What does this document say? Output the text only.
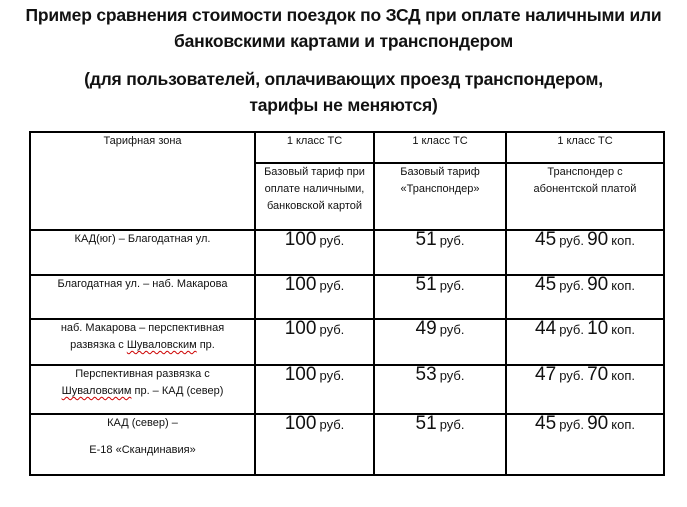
Пример сравнения стоимости поездок по ЗСД при оплате наличными или
банковскими картами и транспондером
(для пользователей, оплачивающих проезд транспондером,
тарифы не меняются)
Тарифная зона	1 класс ТС	1 класс ТС	1 класс ТС
	Базовый тариф при
оплате наличными,
банковской картой	Базовый тариф
«Транспондер»	Транспондер с
абонентской платой
КАД(юг) – Благодатная ул.	100 руб.	51 руб.	45 руб. 90 коп.
Благодатная ул. – наб. Макарова	100 руб.	51 руб.	45 руб. 90 коп.

наб. Макарова – перспективная
развязка с Шуваловским пр.	100 руб.	49 руб.	44 руб. 10 коп.

Перспективная развязка с
Шуваловским пр. – КАД (север)	100 руб.	53 руб.	47 руб. 70 коп.

КАД (север) –
Е-18 «Скандинавия»	100 руб.	51 руб.	45 руб. 90 коп.
